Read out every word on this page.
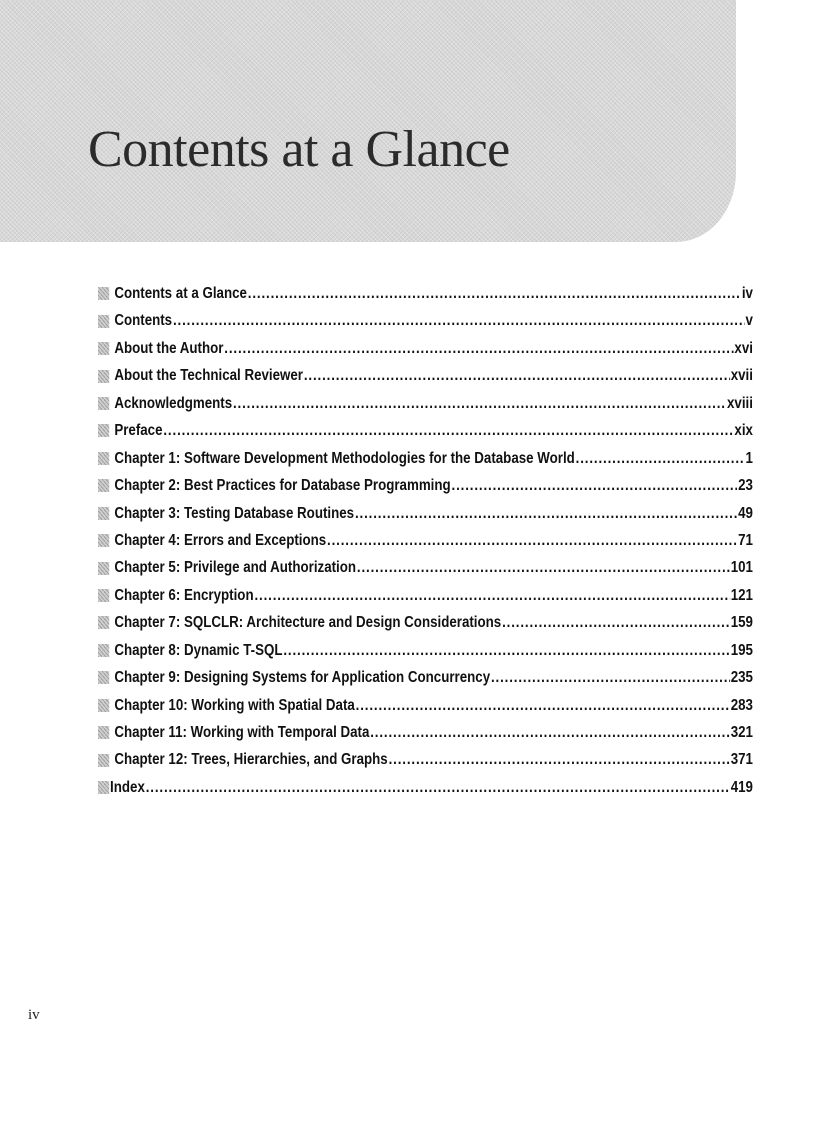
Contents at a Glance
Contents at a Glance .....	iv
Contents .....	v
About the Author .....	xvi
About the Technical Reviewer .....	xvii
Acknowledgments .....	xviii
Preface .....	xix
Chapter 1: Software Development Methodologies for the Database World .....	1
Chapter 2: Best Practices for Database Programming .....	23
Chapter 3: Testing Database Routines .....	49
Chapter 4: Errors and Exceptions .....	71
Chapter 5: Privilege and Authorization .....	101
Chapter 6: Encryption .....	121
Chapter 7: SQLCLR: Architecture and Design Considerations .....	159
Chapter 8: Dynamic T-SQL .....	195
Chapter 9: Designing Systems for Application Concurrency .....	235
Chapter 10: Working with Spatial Data .....	283
Chapter 11: Working with Temporal Data .....	321
Chapter 12: Trees, Hierarchies, and Graphs .....	371
Index .....	419
iv
